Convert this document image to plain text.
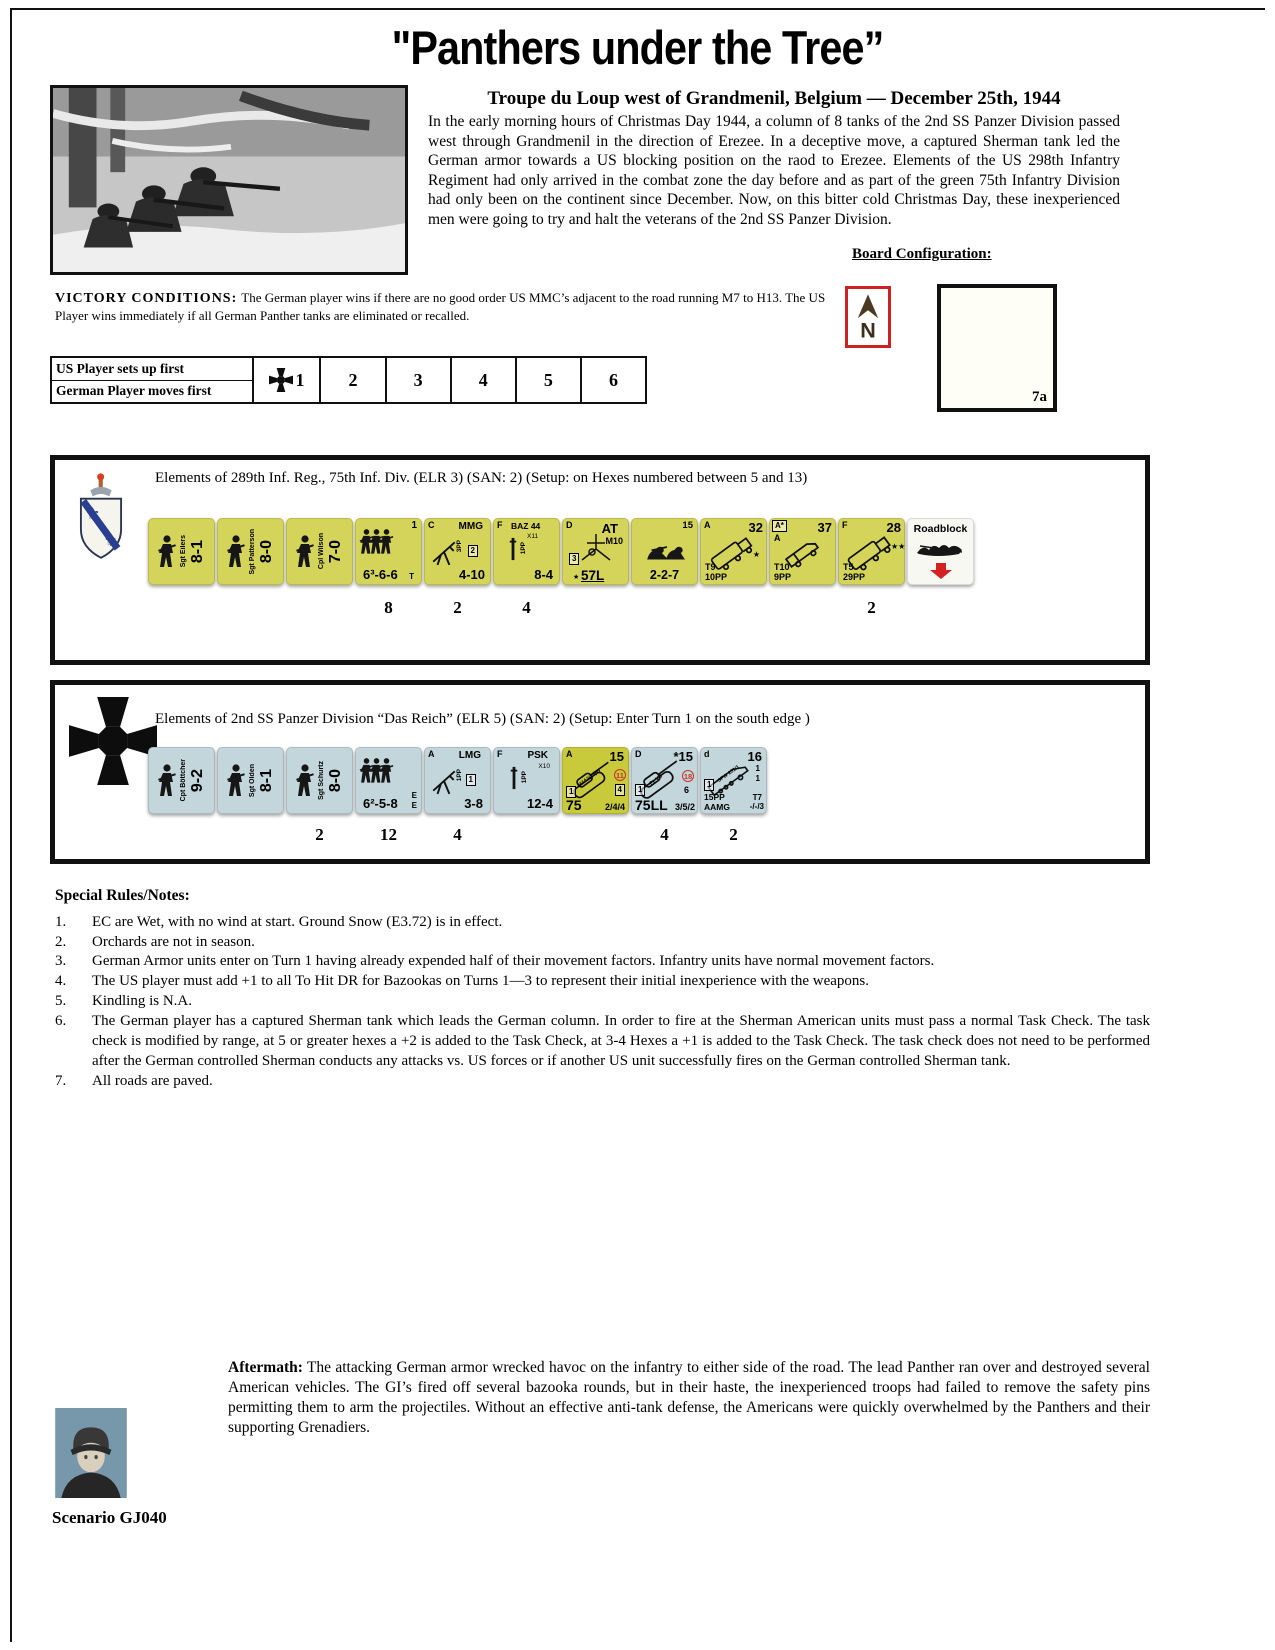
"Panthers under the Tree”
Troupe du Loup west of Grandmenil, Belgium — December 25th, 1944
In the early morning hours of Christmas Day 1944, a column of 8 tanks of the 2nd SS Panzer Division passed west through Grandmenil in the direction of Erezee. In a deceptive move, a captured Sherman tank led the German armor towards a US blocking position on the raod to Erezee. Elements of the US 298th Infantry Regiment had only arrived in the combat zone the day before and as part of the green 75th Infantry Division had only been on the continent since December. Now, on this bitter cold Christmas Day, these inexperienced men were going to try and halt the veterans of the 2nd SS Panzer Division.
Board Configuration:
VICTORY CONDITIONS: The German player wins if there are no good order US MMC’s adjacent to the road running M7 to H13. The US Player wins immediately if all German Panther tanks are eliminated or recalled.
N
7a
US Player sets up first
German Player moves first
1 2	3	4	5	6
⚜
⚜
Elements of 289th Inf. Reg., 75th Inf. Div. (ELR 3) (SAN: 2) (Setup: on Hexes numbered between 5 and 13)
Sgt Eilers 8-1	Sgt Patterson 8-0	Cpl Wilson 7-0
1
6³-6-6 T
C MMG
3PP 2
4-10
F BAZ 44
X11
1PP
8-4
D AT
M10
3
★ 57L
15
2-2-7
A	32
★
T9
10PP
A*
A
37
T10
9PP
F	28
★★
T5
29PP
Roadblock
8	2	4	2
Elements of 2nd SS Panzer Division “Das Reich” (ELR 5) (SAN: 2) (Setup: Enter Turn 1 on the south edge )
Cpt Böttcher 9-2	Sgt Olden 8-1	Sgt Schurtz 8-0
6²-5-8
E
E
A LMG
1PP 1
3-8
F PSK
X10
1PP
12-4
A	15
11
4
M4A3(75)W
1
75	2/4/4
D *15
18
6
Pz VG
1
75LL 3/5/2
d	16
1
1
SPW 251/1
1
15PP
AAMG
T7
-/-/3
2	12	4	4	2
Special Rules/Notes:
1.	EC are Wet, with no wind at start. Ground Snow (E3.72) is in effect.
2.	Orchards are not in season.
3.	German Armor units enter on Turn 1 having already expended half of their movement factors. Infantry units have normal movement factors.
4.	The US player must add +1 to all To Hit DR for Bazookas on Turns 1—3 to represent their initial inexperience with the weapons.
5.	Kindling is N.A.
6.	The German player has a captured Sherman tank which leads the German column. In order to fire at the Sherman American units must pass a normal Task Check. The task check is modified by range, at 5 or greater hexes a +2 is added to the Task Check, at 3-4 Hexes a +1 is added to the Task Check. The task check does not need to be performed after the German controlled Sherman conducts any attacks vs. US forces or if another US unit successfully fires on the German controlled Sherman tank.
7.	All roads are paved.
Aftermath: The attacking German armor wrecked havoc on the infantry to either side of the road. The lead Panther ran over and destroyed several American vehicles. The GI’s fired off several bazooka rounds, but in their haste, the inexperienced troops had failed to remove the safety pins permitting them to arm the projectiles. Without an effective anti-tank defense, the Americans were quickly overwhelmed by the Panthers and their supporting Grenadiers.
Scenario GJ040
